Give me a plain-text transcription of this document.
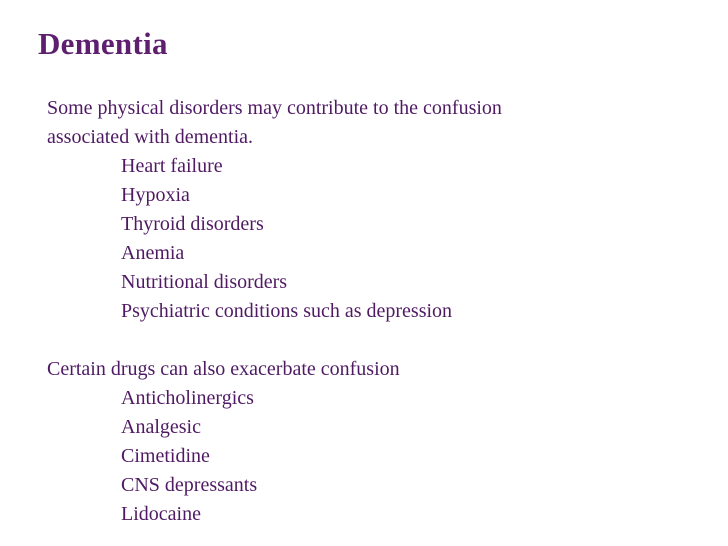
Dementia

Some physical disorders may contribute to the confusion

associated with dementia.

Heart failure
Hypoxia
Thyroid disorders
Anemia
Nutritional disorders
Psychiatric conditions such as depression

Certain drugs can also exacerbate confusion

Anticholinergics
Analgesic
Cimetidine
CNS depressants
Lidocaine
